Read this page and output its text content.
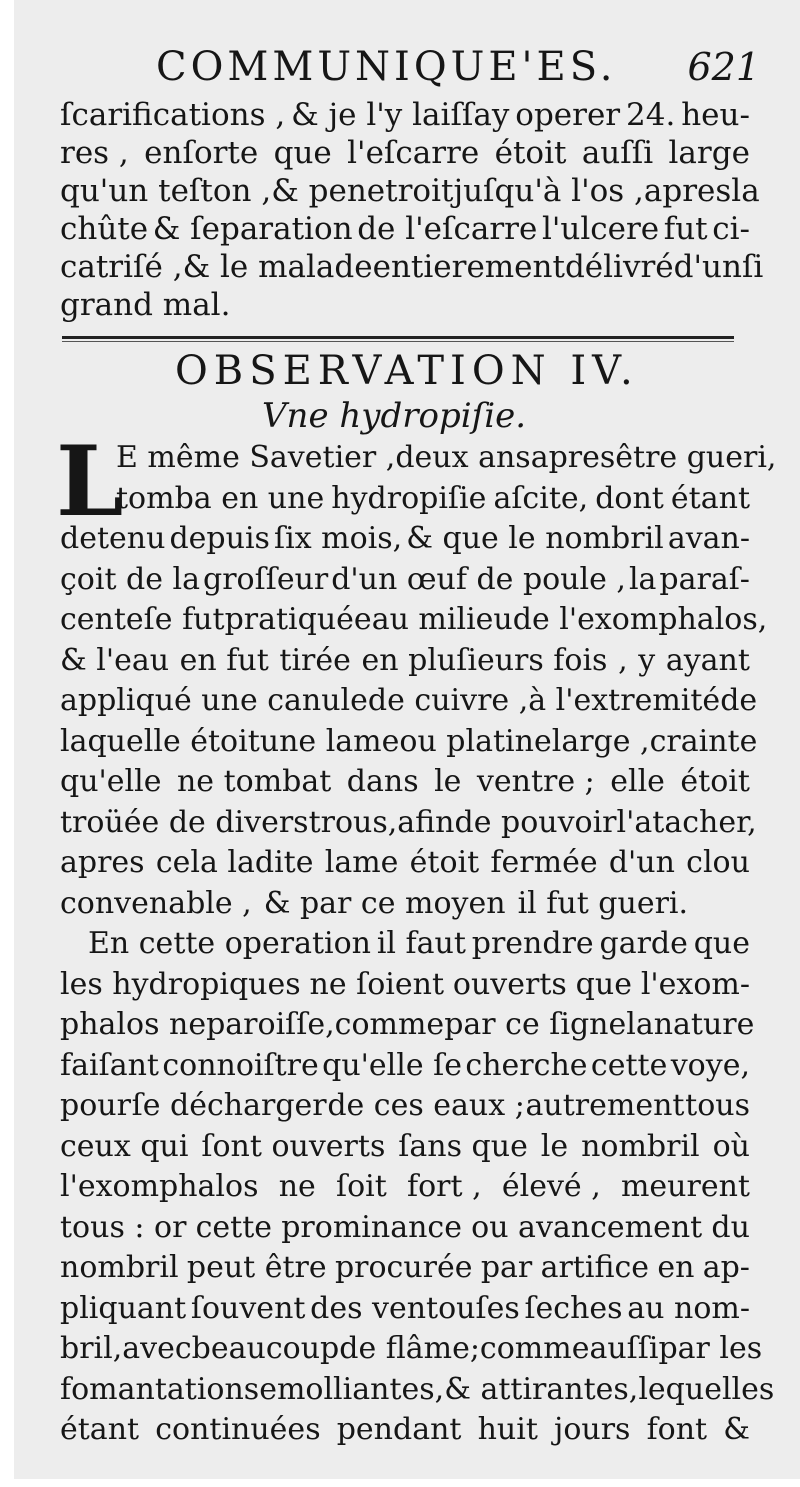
COMMUNIQUE'ES. 621
ſcarifications , & je l'y laiſſay operer 24. heu-
res , enſorte que l'eſcarre étoit auſſi large
qu'un teſton , & penetroit juſqu'à l'os , apres la
chûte & ſeparation de l'eſcarre l'ulcere fut ci-
catriſé , & le malade entierement délivré d'un ſi
grand mal.
OBSERVATION IV.
Vne hydropiſie.
L
E même Savetier , deux ans apres être gueri,
tomba en une hydropiſie aſcite, dont étant
detenu depuis ſix mois, & que le nombril avan-
çoit de la groſſeur d'un œuf de poule , la paraſ-
centeſe fut pratiquée au milieu de l'exomphalos,
& l'eau en fut tirée en pluſieurs fois , y ayant
appliqué une canule de cuivre , à l'extremité de
laquelle étoit une lame ou platine large , crainte
qu'elle ne tombat dans le ventre ; elle étoit
troüée de divers trous,afin de pouvoir l'atacher,
apres cela ladite lame étoit fermée d'un clou
convenable , & par ce moyen il fut gueri.
En cette operation il faut prendre garde que
les hydropiques ne ſoient ouverts que l'exom-
phalos ne paroiſſe,comme par ce ſigne la nature
faiſant connoiſtre qu'elle ſe cherche cette voye,
pour ſe décharger de ces eaux ; autrement tous
ceux qui ſont ouverts ſans que le nombril où
l'exomphalos ne ſoit fort , élevé , meurent
tous : or cette prominance ou avancement du
nombril peut être procurée par artifice en ap-
pliquant ſouvent des ventouſes ſeches au nom-
bril,avec beaucoup de flâme;comme auſſi par les
fomantations emolliantes, & attirantes,lequelles
étant continuées pendant huit jours font &
